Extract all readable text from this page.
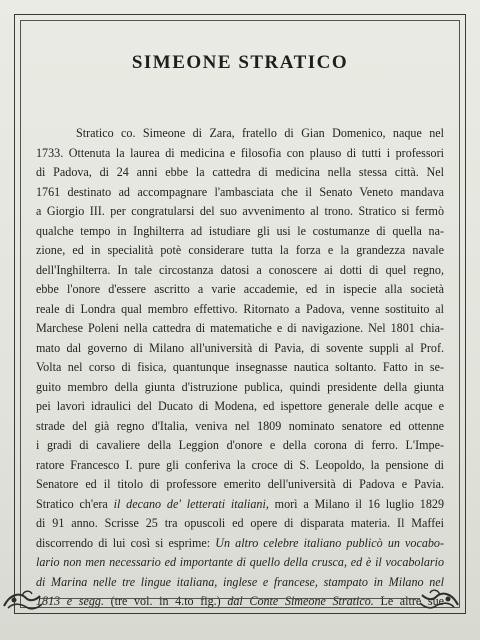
SIMEONE STRATICO
Stratico co. Simeone di Zara, fratello di Gian Domenico, naque nel
1733. Ottenuta la laurea di medicina e filosofia con plauso di tutti i professori
di Padova, di 24 anni ebbe la cattedra di medicina nella stessa città. Nel
1761 destinato ad accompagnare l'ambasciata che il Senato Veneto mandava
a Giorgio III. per congratularsi del suo avvenimento al trono. Stratico si fermò
qualche tempo in Inghilterra ad istudiare gli usi le costumanze di quella na-
zione, ed in specialità potè considerare tutta la forza e la grandezza navale
dell'Inghilterra. In tale circostanza datosi a conoscere ai dotti di quel regno,
ebbe l'onore d'essere ascritto a varie accademie, ed in ispecie alla società
reale di Londra qual membro effettivo. Ritornato a Padova, venne sostituito al
Marchese Poleni nella cattedra di matematiche e di navigazione. Nel 1801 chia-
mato dal governo di Milano all'università di Pavia, di sovente suppli al Prof.
Volta nel corso di fisica, quantunque insegnasse nautica soltanto. Fatto in se-
guito membro della giunta d'istruzione publica, quindi presidente della giunta
pei lavori idraulici del Ducato di Modena, ed ispettore generale delle acque e
strade del già regno d'Italia, veniva nel 1809 nominato senatore ed ottenne
i gradi di cavaliere della Leggion d'onore e della corona di ferro. L'Impe-
ratore Francesco I. pure gli conferiva la croce di S. Leopoldo, la pensione di
Senatore ed il titolo di professore emerito dell'università di Padova e Pavia.
Stratico ch'era il decano de' letterati italiani, morì a Milano il 16 luglio 1829
di 91 anno. Scrisse 25 tra opuscoli ed opere di disparata materia. Il Maffei
discorrendo di lui così si esprime: Un altro celebre italiano publicò un vocabo-
lario non men necessario ed importante di quello della crusca, ed è il vocabolario
di Marina nelle tre lingue italiana, inglese e francese, stampato in Milano nel
1813 e segg. (tre vol. in 4.to fig.) dal Conte Simeone Stratico. Le altre sue
